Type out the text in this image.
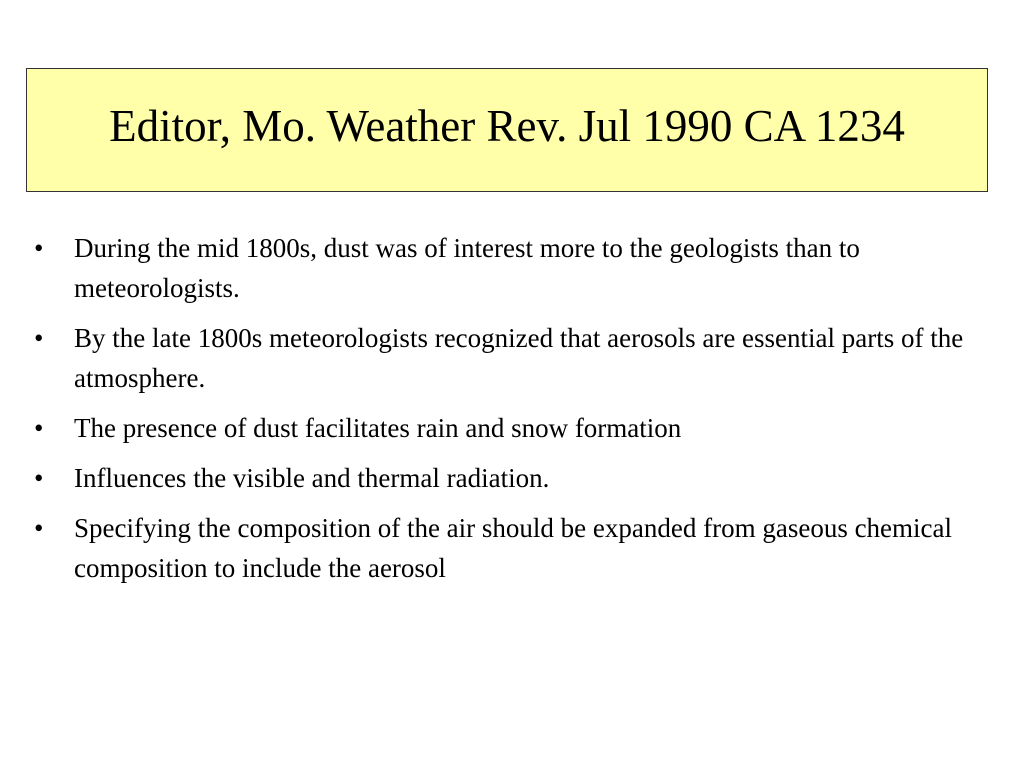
Editor, Mo. Weather Rev. Jul 1990 CA 1234
•	During the mid 1800s, dust was of interest more to the geologists than to meteorologists.
•	By the late 1800s meteorologists recognized that aerosols are essential parts of the atmosphere.
•	The presence of dust facilitates rain and snow formation
•	Influences the visible and thermal radiation.
•	Specifying the composition of the air should be expanded from gaseous chemical composition to include the aerosol
